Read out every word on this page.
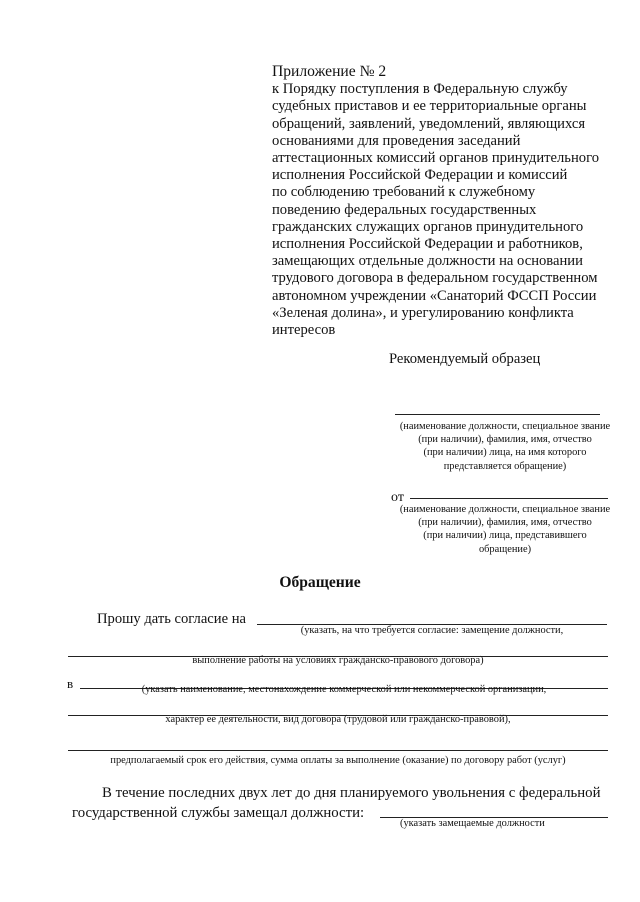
Приложение № 2
к Порядку поступления в Федеральную службу
судебных приставов и ее территориальные органы
обращений, заявлений, уведомлений, являющихся
основаниями для проведения заседаний
аттестационных комиссий органов принудительного
исполнения Российской Федерации и комиссий
по соблюдению требований к служебному
поведению федеральных государственных
гражданских служащих органов принудительного
исполнения Российской Федерации и работников,
замещающих отдельные должности на основании
трудового договора в федеральном государственном
автономном учреждении «Санаторий ФССП России
«Зеленая долина», и урегулированию конфликта
интересов
Рекомендуемый образец
(наименование должности, специальное звание
(при наличии), фамилия, имя, отчество
(при наличии) лица, на имя которого
представляется обращение)
от
(наименование должности, специальное звание
(при наличии), фамилия, имя, отчество
(при наличии) лица, представившего
обращение)
Обращение
Прошу дать согласие на
(указать, на что требуется согласие: замещение должности,
выполнение работы на условиях гражданско-правового договора)
в	(указать наименование, местонахождение коммерческой или некоммерческой организации,
характер ее деятельности, вид договора (трудовой или гражданско-правовой),
предполагаемый срок его действия, сумма оплаты за выполнение (оказание) по договору работ (услуг)
В течение последних двух лет до дня планируемого увольнения с федеральной
государственной службы замещал должности:
(указать замещаемые должности
